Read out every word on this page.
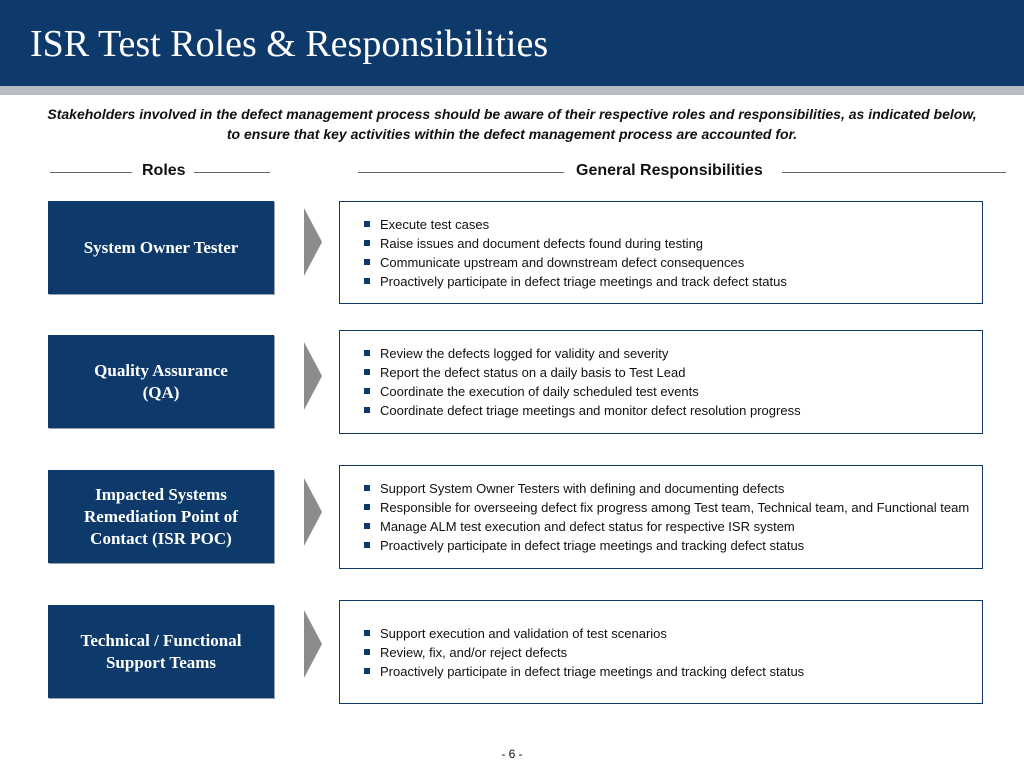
ISR Test Roles & Responsibilities
Stakeholders involved in the defect management process should be aware of their respective roles and responsibilities, as indicated below, to ensure that key activities within the defect management process are accounted for.
Roles	General Responsibilities
System Owner Tester
Execute test cases
Raise issues and document defects found during testing
Communicate upstream and downstream defect consequences
Proactively participate in defect triage meetings and track defect status
Quality Assurance
(QA)
Review the defects logged for validity and severity
Report the defect status on a daily basis to Test Lead
Coordinate the execution of daily scheduled test events
Coordinate defect triage meetings and monitor defect resolution progress
Impacted Systems Remediation Point of Contact (ISR POC)
Support System Owner Testers with defining and documenting defects
Responsible for overseeing defect fix progress among Test team, Technical team, and Functional team
Manage ALM test execution and defect status for respective ISR system
Proactively participate in defect triage meetings and tracking defect status
Technical / Functional Support Teams
Support execution and validation of test scenarios
Review, fix, and/or reject defects
Proactively participate in defect triage meetings and tracking defect status
- 6 -
